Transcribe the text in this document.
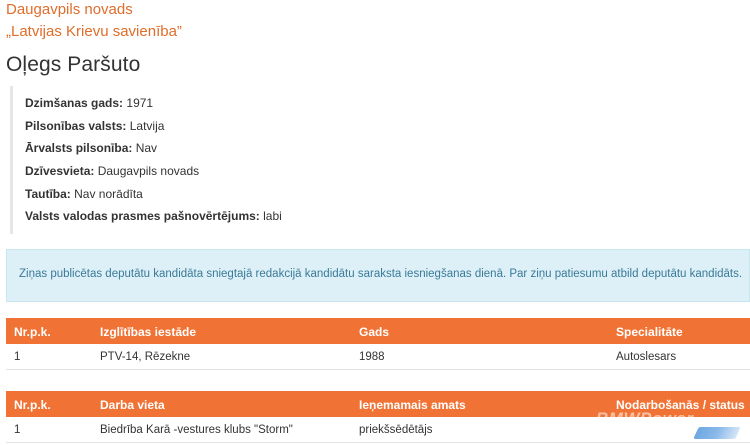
Daugavpils novads
„Latvijas Krievu savienība”
Oļegs Paršuto
Dzimšanas gads: 1971
Pilsonības valsts: Latvija
Ārvalsts pilsonība: Nav
Dzīvesvieta: Daugavpils novads
Tautība: Nav norādīta
Valsts valodas prasmes pašnovērtējums: labi
Ziņas publicētas deputātu kandidāta sniegtajā redakcijā kandidātu saraksta iesniegšanas dienā. Par ziņu patiesumu atbild deputātu kandidāts.
Nr.p.k.	Izglītības iestāde	Gads	Specialitāte
1	PTV-14, Rēzekne	1988	Autoslesars
Nr.p.k.	Darba vieta	Ieņemamais amats	Nodarbošanās / status
1	Biedrība Karā -vestures klubs "Storm"	priekšsēdētājs
BMWPower
